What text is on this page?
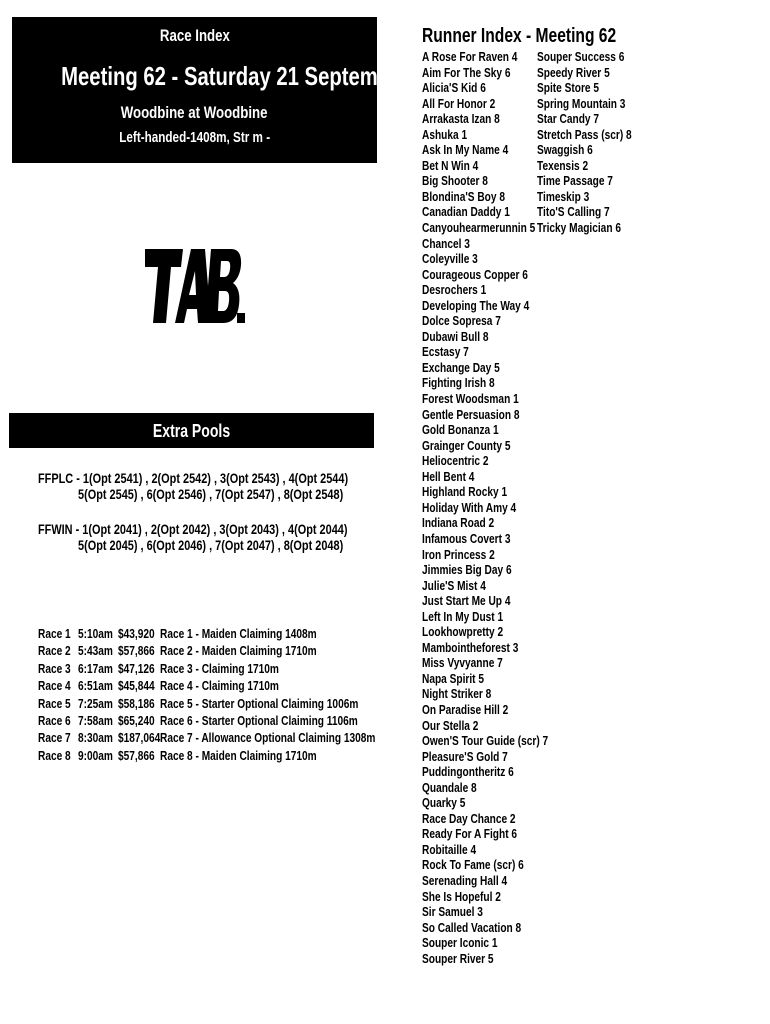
Race Index
Meeting 62 - Saturday 21 September
Woodbine at Woodbine
Left-handed-1408m, Str m -
Extra Pools
FFPLC - 1(Opt 2541) , 2(Opt 2542) , 3(Opt 2543) , 4(Opt 2544)
5(Opt 2545) , 6(Opt 2546) , 7(Opt 2547) , 8(Opt 2548)
FFWIN - 1(Opt 2041) , 2(Opt 2042) , 3(Opt 2043) , 4(Opt 2044)
5(Opt 2045) , 6(Opt 2046) , 7(Opt 2047) , 8(Opt 2048)
Race 1 5:10am $43,920 Race 1 - Maiden Claiming 1408m
Race 2 5:43am $57,866 Race 2 - Maiden Claiming 1710m
Race 3 6:17am $47,126 Race 3 - Claiming 1710m
Race 4 6:51am $45,844 Race 4 - Claiming 1710m
Race 5 7:25am $58,186 Race 5 - Starter Optional Claiming 1006m
Race 6 7:58am $65,240 Race 6 - Starter Optional Claiming 1106m
Race 7 8:30am $187,064 Race 7 - Allowance Optional Claiming 1308m
Race 8 9:00am $57,866 Race 8 - Maiden Claiming 1710m
Runner Index - Meeting 62
A Rose For Raven 4
Aim For The Sky 6
Alicia'S Kid 6
All For Honor 2
Arrakasta Izan 8
Ashuka 1
Ask In My Name 4
Bet N Win 4
Big Shooter 8
Blondina'S Boy 8
Canadian Daddy 1
Canyouhearmerunnin 5
Chancel 3
Coleyville 3
Courageous Copper 6
Desrochers 1
Developing The Way 4
Dolce Sopresa 7
Dubawi Bull 8
Ecstasy 7
Exchange Day 5
Fighting Irish 8
Forest Woodsman 1
Gentle Persuasion 8
Gold Bonanza 1
Grainger County 5
Heliocentric 2
Hell Bent 4
Highland Rocky 1
Holiday With Amy 4
Indiana Road 2
Infamous Covert 3
Iron Princess 2
Jimmies Big Day 6
Julie'S Mist 4
Just Start Me Up 4
Left In My Dust 1
Lookhowpretty 2
Mambointheforest 3
Miss Vyvyanne 7
Napa Spirit 5
Night Striker 8
On Paradise Hill 2
Our Stella 2
Owen'S Tour Guide (scr) 7
Pleasure'S Gold 7
Puddingontheritz 6
Quandale 8
Quarky 5
Race Day Chance 2
Ready For A Fight 6
Robitaille 4
Rock To Fame (scr) 6
Serenading Hall 4
She Is Hopeful 2
Sir Samuel 3
So Called Vacation 8
Souper Iconic 1
Souper River 5
Souper Success 6
Speedy River 5
Spite Store 5
Spring Mountain 3
Star Candy 7
Stretch Pass (scr) 8
Swaggish 6
Texensis 2
Time Passage 7
Timeskip 3
Tito'S Calling 7
Tricky Magician 6
